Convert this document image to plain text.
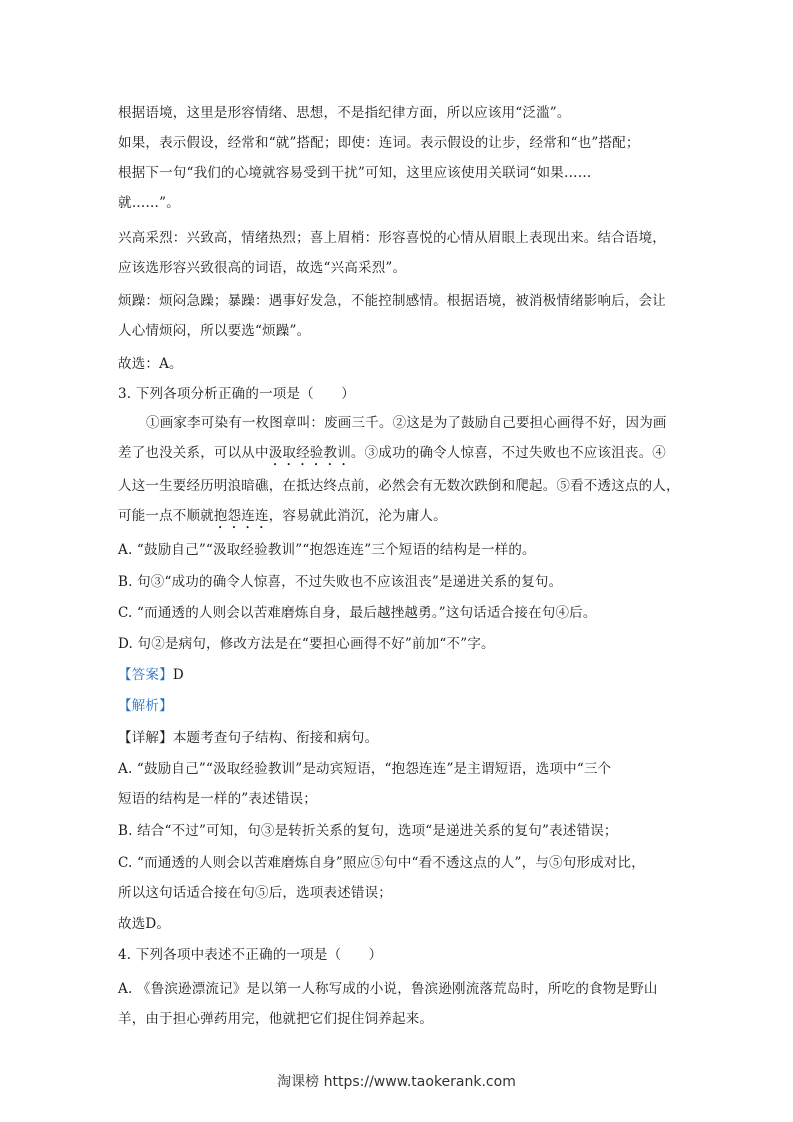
根据语境，这里是形容情绪、思想，不是指纪律方面，所以应该用“泛滥”。
如果，表示假设，经常和“就”搭配；即使：连词。表示假设的让步，经常和“也”搭配；
根据下一句“我们的心境就容易受到干扰”可知，这里应该使用关联词“如果……
就……”。
兴高采烈：兴致高，情绪热烈；喜上眉梢：形容喜悦的心情从眉眼上表现出来。结合语境，
应该选形容兴致很高的词语，故选“兴高采烈”。
烦躁：烦闷急躁；暴躁：遇事好发急，不能控制感情。根据语境，被消极情绪影响后，会让
人心情烦闷，所以要选“烦躁”。
故选：A。
3. 下列各项分析正确的一项是（　　）
①画家李可染有一枚图章叫：废画三千。②这是为了鼓励自己要担心画得不好，因为画
差了也没关系，可以从中汲取经验教训。③成功的确令人惊喜，不过失败也不应该沮丧。④
人这一生要经历明浪暗礁，在抵达终点前，必然会有无数次跌倒和爬起。⑤看不透这点的人，
可能一点不顺就抱怨连连，容易就此消沉，沦为庸人。
A. “鼓励自己”“汲取经验教训”“抱怨连连”三个短语的结构是一样的。
B. 句③“成功的确令人惊喜，不过失败也不应该沮丧”是递进关系的复句。
C. “而通透的人则会以苦难磨炼自身，最后越挫越勇。”这句话适合接在句④后。
D. 句②是病句，修改方法是在“要担心画得不好”前加“不”字。
【答案】D
【解析】
【详解】本题考查句子结构、衔接和病句。
A. “鼓励自己”“汲取经验教训”是动宾短语，“抱怨连连”是主谓短语，选项中“三个
短语的结构是一样的”表述错误；
B. 结合“不过”可知，句③是转折关系的复句，选项“是递进关系的复句”表述错误；
C. “而通透的人则会以苦难磨炼自身”照应⑤句中“看不透这点的人”，与⑤句形成对比，
所以这句话适合接在句⑤后，选项表述错误；
故选D。
4. 下列各项中表述不正确的一项是（　　）
A. 《鲁滨逊漂流记》是以第一人称写成的小说，鲁滨逊刚流落荒岛时，所吃的食物是野山
羊，由于担心弹药用完，他就把它们捉住饲养起来。
淘课榜 https://www.taokerank.com
